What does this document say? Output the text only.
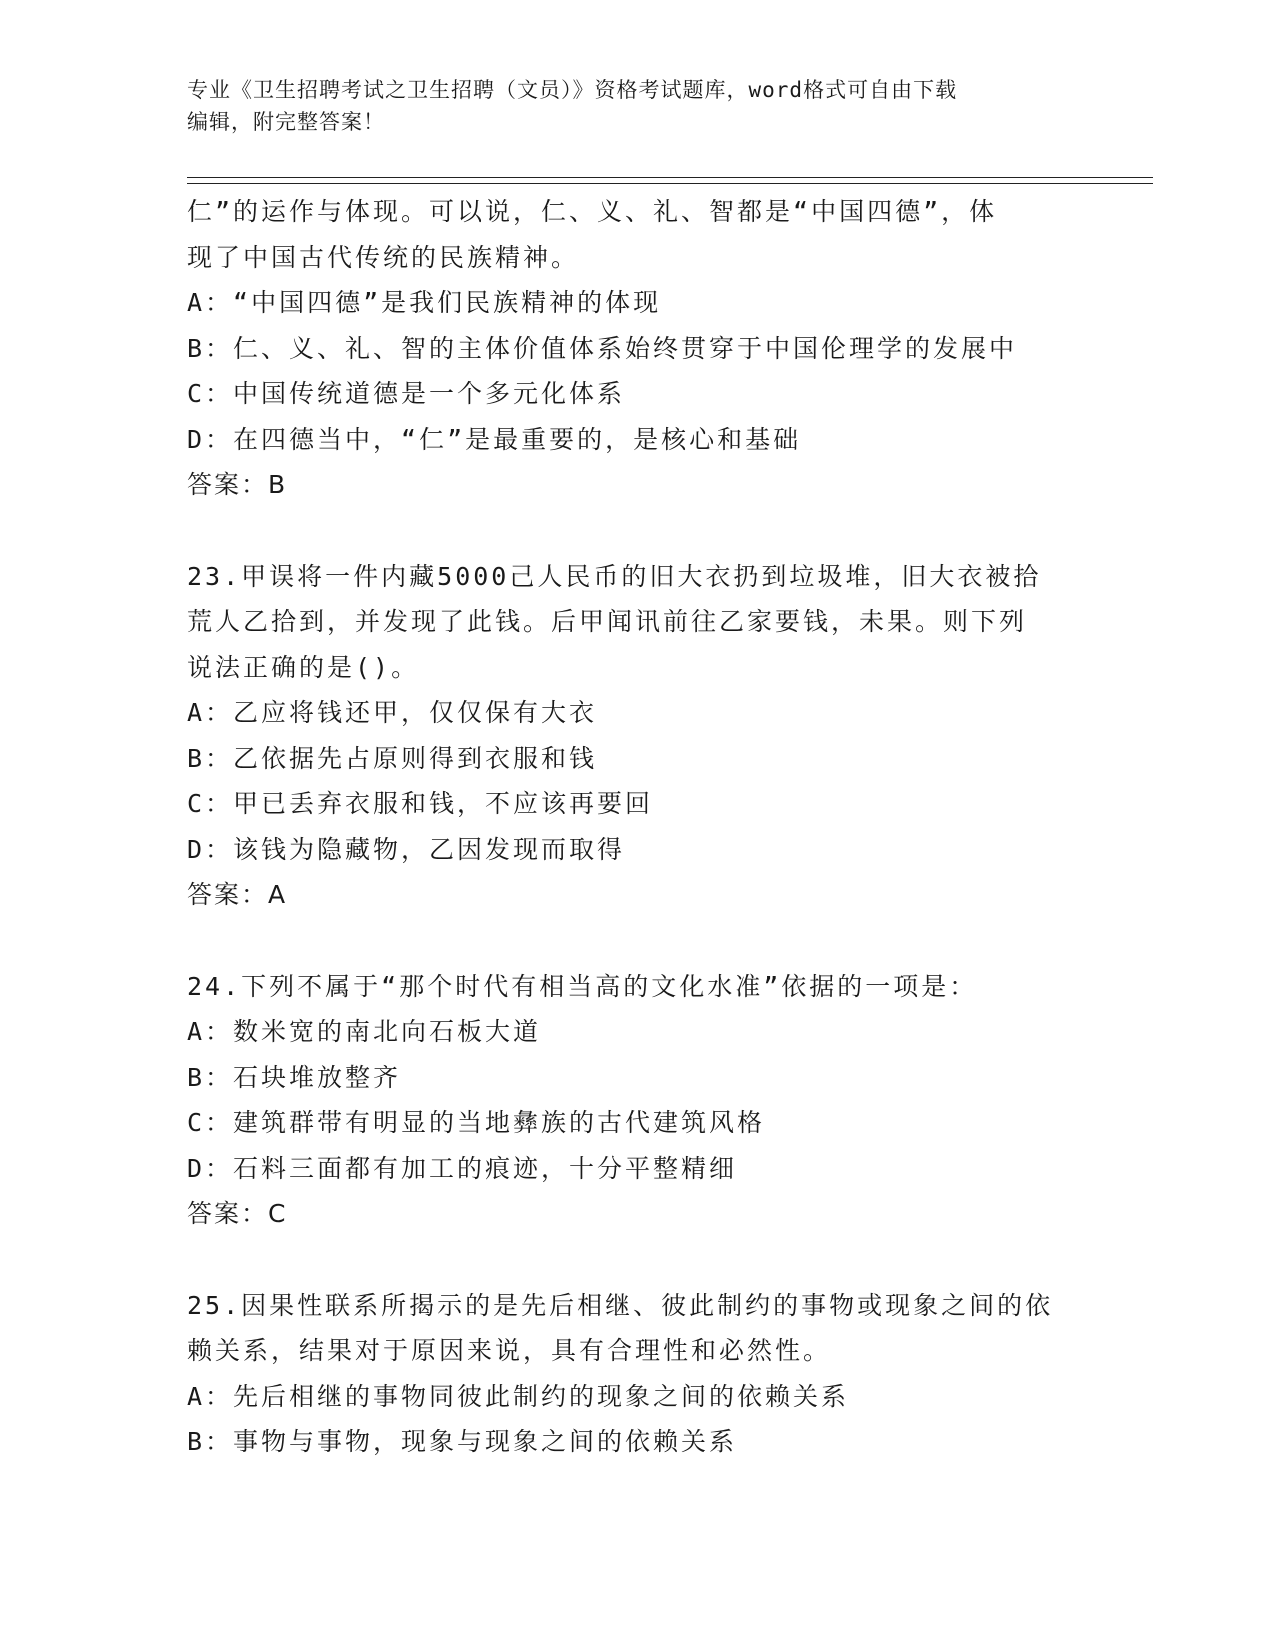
专业《卫生招聘考试之卫生招聘（文员）》资格考试题库，word格式可自由下载
编辑，附完整答案！
仁”的运作与体现。可以说，仁、义、礼、智都是“中国四德”，体
现了中国古代传统的民族精神。
A：“中国四德”是我们民族精神的体现
B：仁、义、礼、智的主体价值体系始终贯穿于中国伦理学的发展中
C：中国传统道德是一个多元化体系
D：在四德当中，“仁”是最重要的，是核心和基础
答案：B
23.甲误将一件内藏5000己人民币的旧大衣扔到垃圾堆，旧大衣被拾
荒人乙拾到，并发现了此钱。后甲闻讯前往乙家要钱，未果。则下列
说法正确的是()。
A：乙应将钱还甲，仅仅保有大衣
B：乙依据先占原则得到衣服和钱
C：甲已丢弃衣服和钱，不应该再要回
D：该钱为隐藏物，乙因发现而取得
答案：A
24.下列不属于“那个时代有相当高的文化水准”依据的一项是：
A：数米宽的南北向石板大道
B：石块堆放整齐
C：建筑群带有明显的当地彝族的古代建筑风格
D：石料三面都有加工的痕迹，十分平整精细
答案：C
25.因果性联系所揭示的是先后相继、彼此制约的事物或现象之间的依
赖关系，结果对于原因来说，具有合理性和必然性。
A：先后相继的事物同彼此制约的现象之间的依赖关系
B：事物与事物，现象与现象之间的依赖关系
